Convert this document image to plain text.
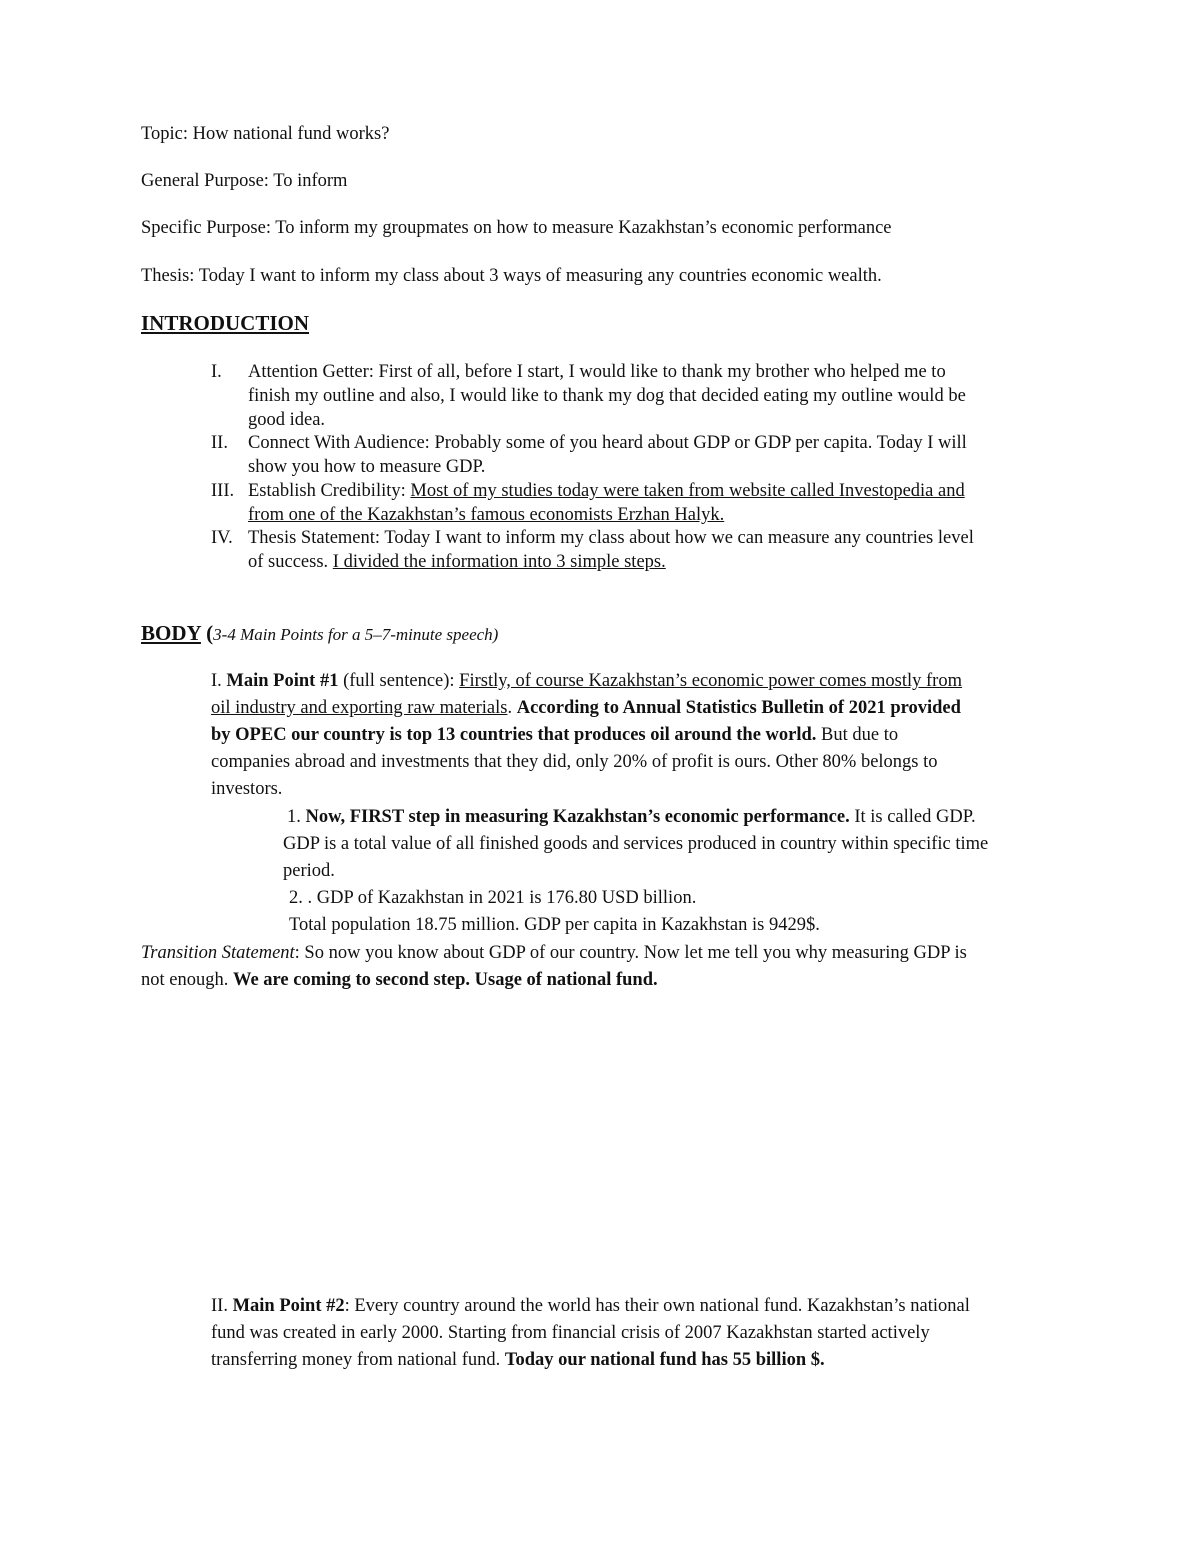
Topic: How national fund works?

General Purpose: To inform

Specific Purpose: To inform my groupmates on how to measure Kazakhstan’s economic performance

Thesis: Today I want to inform my class about 3 ways of measuring any countries economic wealth.

INTRODUCTION

I. Attention Getter: First of all, before I start, I would like to thank my brother who helped me to

finish my outline and also, I would like to thank my dog that decided eating my outline would be

good idea.

II. Connect With Audience: Probably some of you heard about GDP or GDP per capita. Today I will

show you how to measure GDP.

III. Establish Credibility: Most of my studies today were taken from website called Investopedia and

from one of the Kazakhstan’s famous economists Erzhan Halyk.

IV. Thesis Statement: Today I want to inform my class about how we can measure any countries level

of success. I divided the information into 3 simple steps.

BODY (3-4 Main Points for a 5–7-minute speech)

I. Main Point #1 (full sentence): Firstly, of course Kazakhstan’s economic power comes mostly from

oil industry and exporting raw materials. According to Annual Statistics Bulletin of 2021 provided

by OPEC our country is top 13 countries that produces oil around the world. But due to

companies abroad and investments that they did, only 20% of profit is ours. Other 80% belongs to

investors.

1. Now, FIRST step in measuring Kazakhstan’s economic performance. It is called GDP.

GDP is a total value of all finished goods and services produced in country within specific time

period.

2. . GDP of Kazakhstan in 2021 is 176.80 USD billion.

Total population 18.75 million. GDP per capita in Kazakhstan is 9429$.

Transition Statement: So now you know about GDP of our country. Now let me tell you why measuring GDP is

not enough. We are coming to second step. Usage of national fund.

II. Main Point #2: Every country around the world has their own national fund. Kazakhstan’s national

fund was created in early 2000. Starting from financial crisis of 2007 Kazakhstan started actively

transferring money from national fund. Today our national fund has 55 billion $.
